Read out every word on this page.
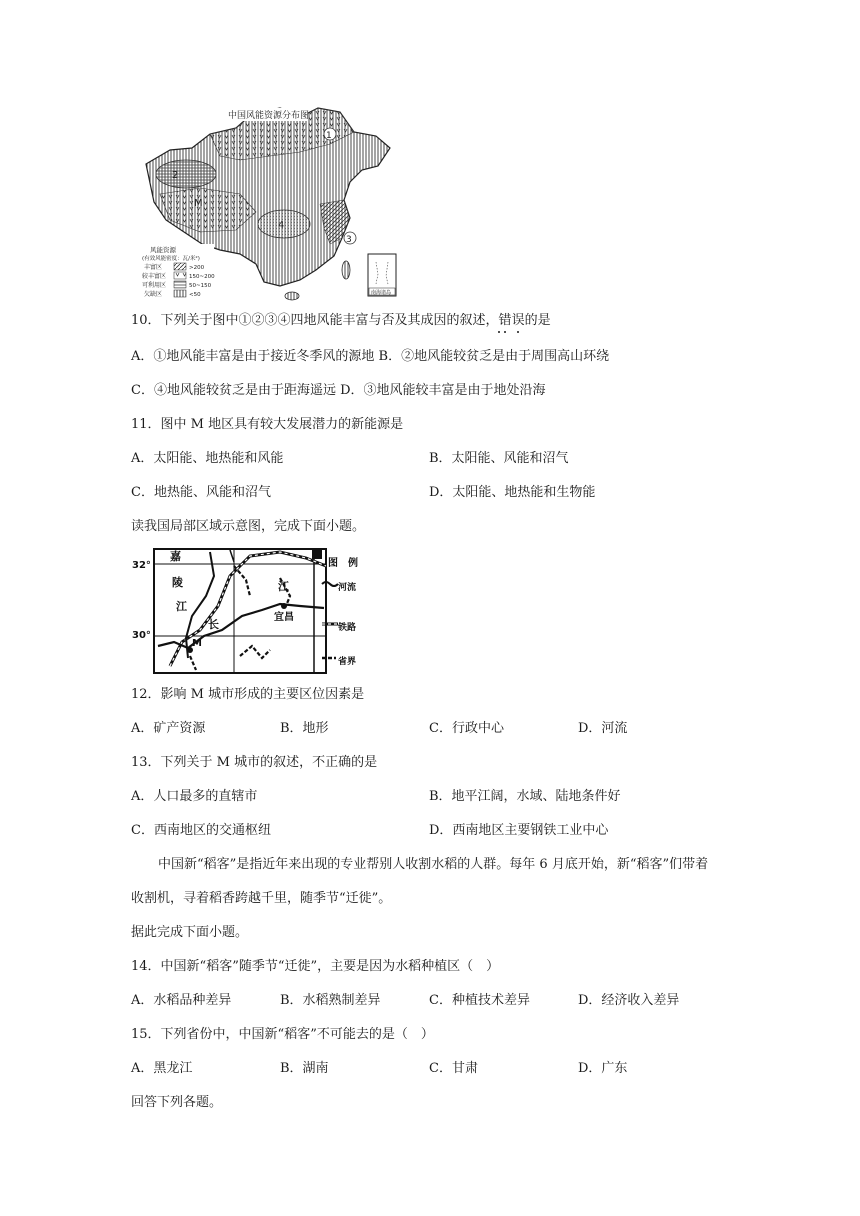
2
M
4
1
3
中国风能资源分布图
风能资源
(有效风能密度：瓦/米²)
丰富区	>200
较丰富区	150~200
可利用区	50~150
欠缺区	<50	南海诸岛
10．下列关于图中①②③④四地风能丰富与否及其成因的叙述，错误的是
A．①地风能丰富是由于接近冬季风的源地 B．②地风能较贫乏是由于周围高山环绕
C．④地风能较贫乏是由于距海遥远 D．③地风能较丰富是由于地处沿海
11．图中 M 地区具有较大发展潜力的新能源是
A．太阳能、地热能和风能	B．太阳能、风能和沼气
C．地热能、风能和沼气	D．太阳能、地热能和生物能
读我国局部区域示意图，完成下面小题。
32°
30°
嘉
陵
江
长
江
宜昌
M
图　例
河流
铁路
省界
12．影响 M 城市形成的主要区位因素是
A．矿产资源	B．地形	C．行政中心	D．河流
13．下列关于 M 城市的叙述，不正确的是
A．人口最多的直辖市	B．地平江阔，水域、陆地条件好
C．西南地区的交通枢纽	D．西南地区主要钢铁工业中心
中国新“稻客”是指近年来出现的专业帮别人收割水稻的人群。每年 6 月底开始，新“稻客”们带着
收割机，寻着稻香跨越千里，随季节“迁徙”。
据此完成下面小题。
14．中国新“稻客”随季节“迁徙”，主要是因为水稻种植区（　）
A．水稻品种差异	B．水稻熟制差异	C．种植技术差异	D．经济收入差异
15．下列省份中，中国新“稻客”不可能去的是（　）
A．黑龙江	B．湖南	C．甘肃	D．广东
回答下列各题。
